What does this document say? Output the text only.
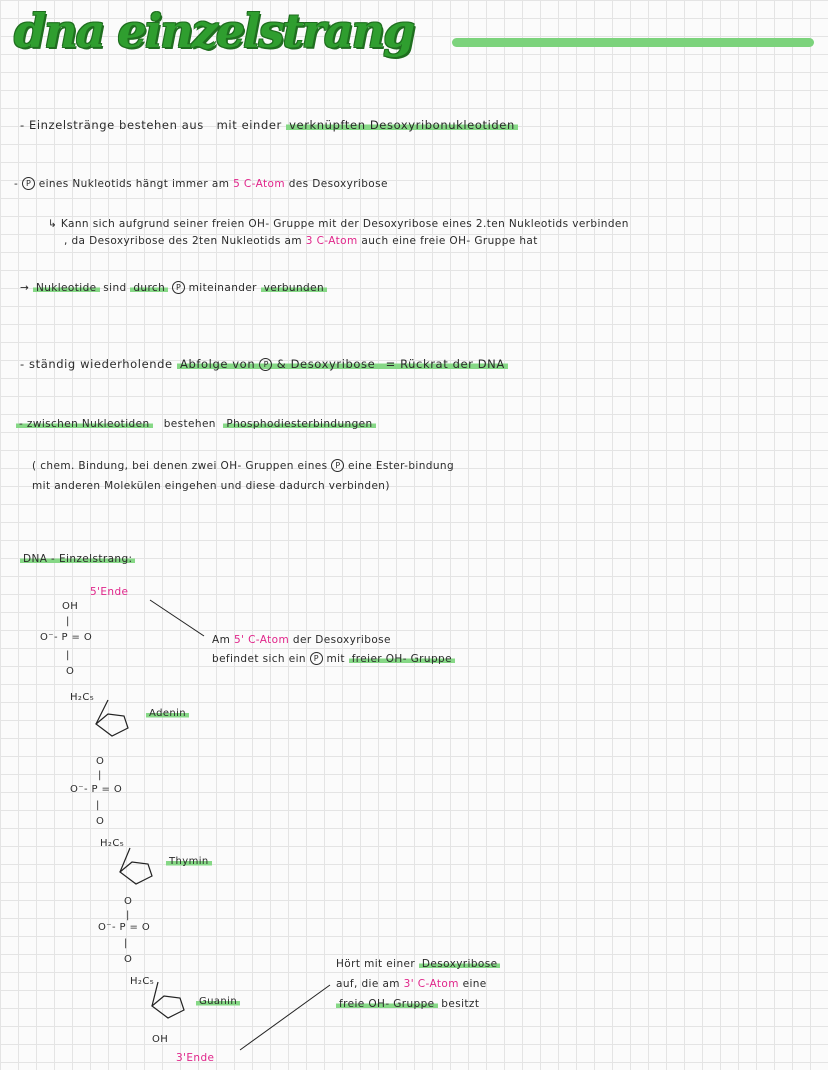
dna einzelstrang
- Einzelstränge bestehen aus mit einder verknüpften Desoxyribonukleotiden
- P eines Nukleotids hängt immer am 5 C-Atom des Desoxyribose
↳ Kann sich aufgrund seiner freien OH- Gruppe mit der Desoxyribose eines 2.ten Nukleotids verbinden
, da Desoxyribose des 2ten Nukleotids am 3 C-Atom auch eine freie OH- Gruppe hat
→ Nukleotide sind durch P miteinander verbunden
- ständig wiederholende Abfolge von P & Desoxyribose = Rückrat der DNA
- zwischen Nukleotiden bestehen Phosphodiesterbindungen
( chem. Bindung, bei denen zwei OH- Gruppen eines P eine Ester-bindung
mit anderen Molekülen eingehen und diese dadurch verbinden)
DNA - Einzelstrang:
5'Ende
OH
|
O⁻- P = O
|
O
H₂C₅
Adenin
O
|
O⁻- P = O
|
O
H₂C₅
Thymin
O
|
O⁻- P = O
|
O
H₂C₅
Guanin
OH
3'Ende
Am 5' C-Atom der Desoxyribose
befindet sich ein P mit freier OH- Gruppe
Hört mit einer Desoxyribose
auf, die am 3' C-Atom eine
freie OH- Gruppe besitzt
